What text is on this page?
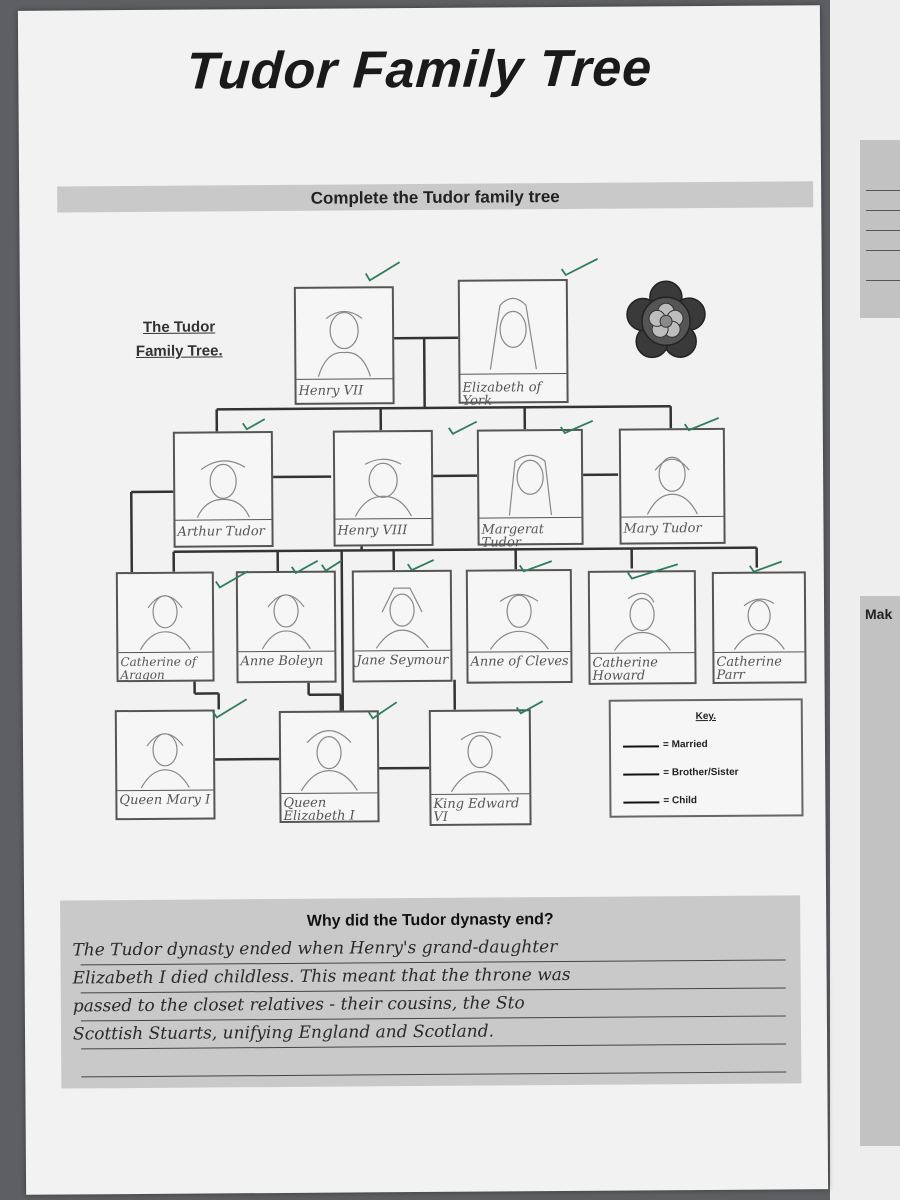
Mak
Tudor Family Tree
Complete the Tudor family tree
The Tudor Family Tree.
Henry VII	Elizabeth of York
Arthur Tudor	Henry VIII	Margerat Tudor
Mary Tudor
Catherine of Aragon
Anne Boleyn	Jane Seymour Anne of Cleves Catherine Howard
Catherine Parr
Queen Mary I	Queen Elizabeth I
King Edward VI
Key.
= Married
= Brother/Sister
= Child
Why did the Tudor dynasty end?
The Tudor dynasty ended when Henry's grand-daughter
Elizabeth I died childless. This meant that the throne was
passed to the closet relatives - their cousins, the Sto
Scottish Stuarts, unifying England and Scotland.
